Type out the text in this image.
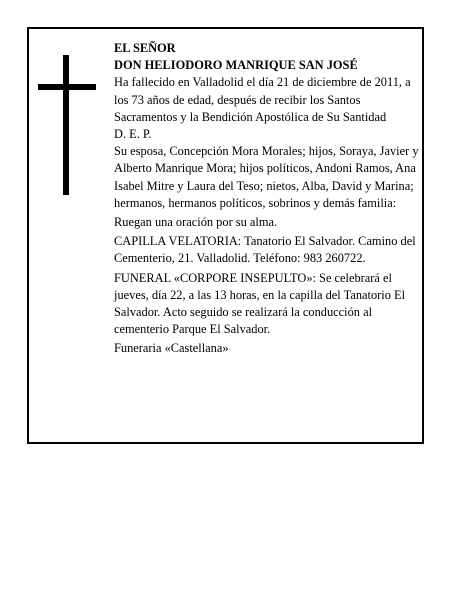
EL SEÑOR

DON HELIODORO MANRIQUE SAN JOSÉ

Ha fallecido en Valladolid el día 21 de diciembre de 2011, a los 73 años de edad, después de recibir los Santos Sacramentos y la Bendición Apostólica de Su Santidad

D. E. P.

Su esposa, Concepción Mora Morales; hijos, Soraya, Javier y Alberto Manrique Mora; hijos políticos, Andoni Ramos, Ana Isabel Mitre y Laura del Teso; nietos, Alba, David y Marina; hermanos, hermanos políticos, sobrinos y demás familia:

Ruegan una oración por su alma.

CAPILLA VELATORIA: Tanatorio El Salvador. Camino del Cementerio, 21. Valladolid. Teléfono: 983 260722.

FUNERAL «CORPORE INSEPULTO»: Se celebrará el jueves, día 22, a las 13 horas, en la capilla del Tanatorio El Salvador. Acto seguido se realizará la conducción al cementerio Parque El Salvador.

Funeraria «Castellana»
